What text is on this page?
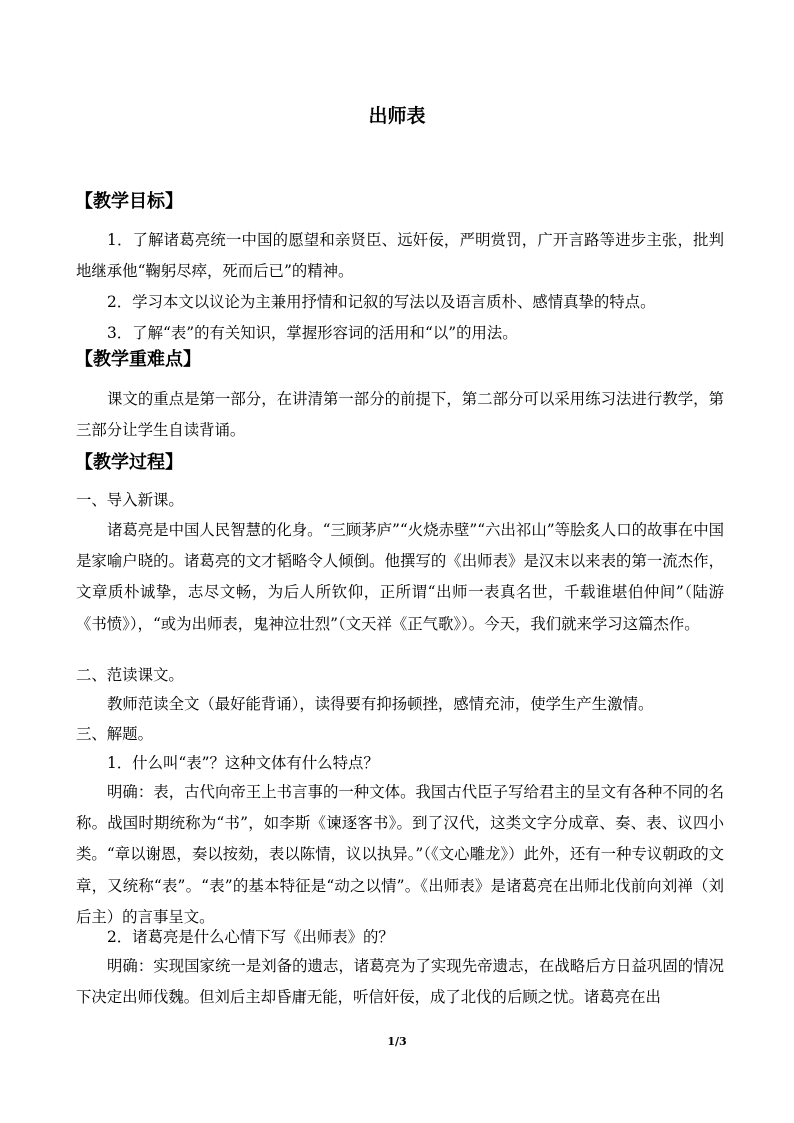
出师表
【教学目标】
1．了解诸葛亮统一中国的愿望和亲贤臣、远奸佞，严明赏罚，广开言路等进步主张，批判地继承他“鞠躬尽瘁，死而后已”的精神。
2．学习本文以议论为主兼用抒情和记叙的写法以及语言质朴、感情真挚的特点。
3．了解“表”的有关知识，掌握形容词的活用和“以”的用法。
【教学重难点】
课文的重点是第一部分，在讲清第一部分的前提下，第二部分可以采用练习法进行教学，第三部分让学生自读背诵。
【教学过程】
一、导入新课。
诸葛亮是中国人民智慧的化身。“三顾茅庐”“火烧赤壁”“六出祁山”等脍炙人口的故事在中国是家喻户晓的。诸葛亮的文才韬略令人倾倒。他撰写的《出师表》是汉末以来表的第一流杰作，文章质朴诚挚，志尽文畅，为后人所钦仰，正所谓“出师一表真名世，千载谁堪伯仲间”（陆游《书愤》），“或为出师表，鬼神泣壮烈”（文天祥《正气歌》）。今天，我们就来学习这篇杰作。
二、范读课文。
教师范读全文（最好能背诵），读得要有抑扬顿挫，感情充沛，使学生产生激情。
三、解题。
1．什么叫“表”？这种文体有什么特点？
明确：表，古代向帝王上书言事的一种文体。我国古代臣子写给君主的呈文有各种不同的名称。战国时期统称为“书”，如李斯《谏逐客书》。到了汉代，这类文字分成章、奏、表、议四小类。“章以谢恩，奏以按劾，表以陈情，议以执异。”（《文心雕龙》）此外，还有一种专议朝政的文章，又统称“表”。“表”的基本特征是“动之以情”。《出师表》是诸葛亮在出师北伐前向刘禅（刘后主）的言事呈文。
2．诸葛亮是什么心情下写《出师表》的？
明确：实现国家统一是刘备的遗志，诸葛亮为了实现先帝遗志，在战略后方日益巩固的情况下决定出师伐魏。但刘后主却昏庸无能，听信奸佞，成了北伐的后顾之忧。诸葛亮在出
1/3
